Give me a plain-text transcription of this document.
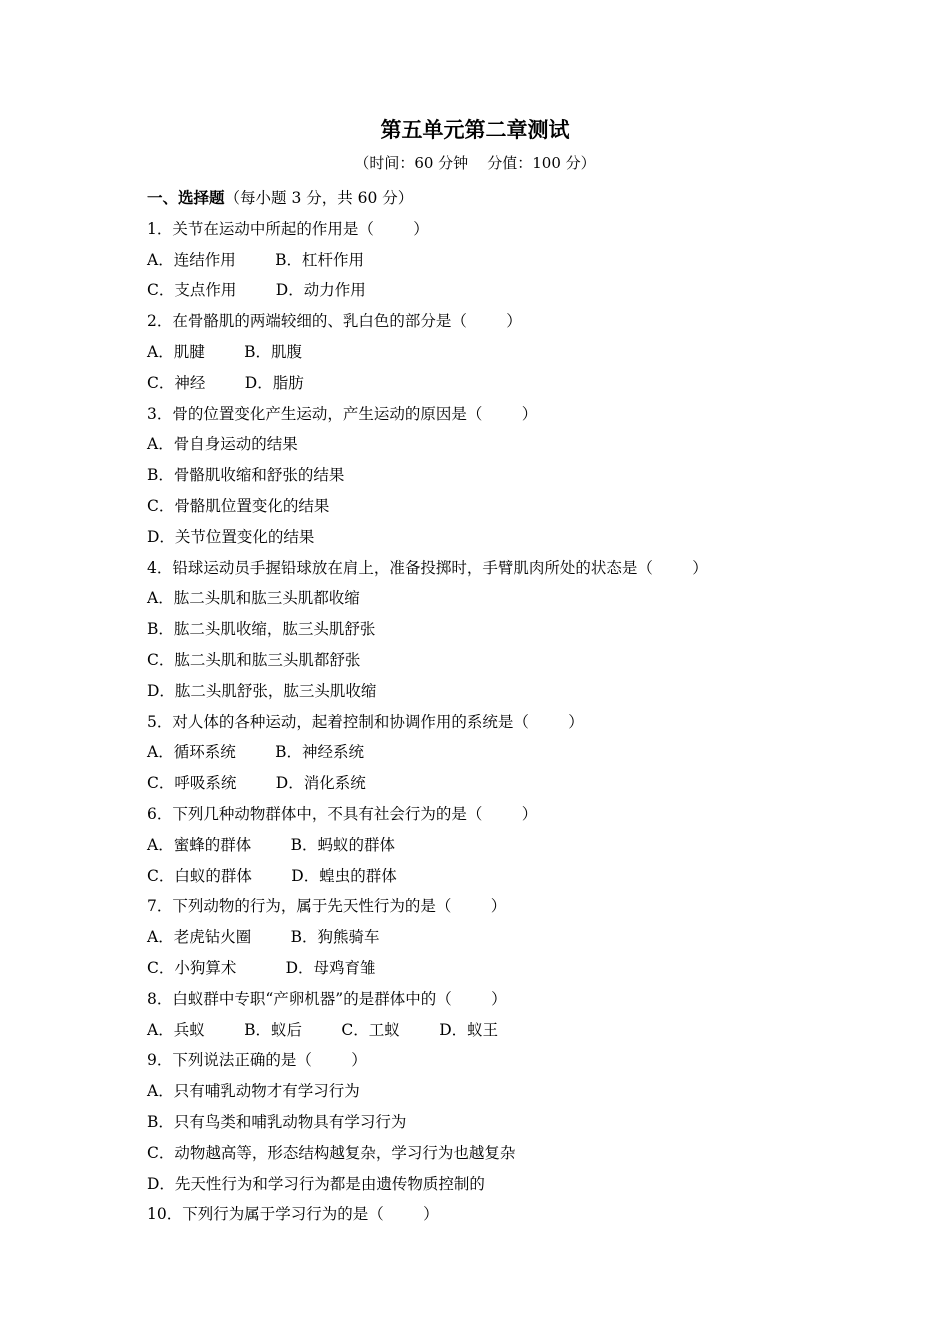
第五单元第二章测试
（时间：60 分钟    分值：100 分）
一、选择题（每小题 3 分，共 60 分）
1．关节在运动中所起的作用是（        ）
A．连结作用        B．杠杆作用
C．支点作用        D．动力作用
2．在骨骼肌的两端较细的、乳白色的部分是（        ）
A．肌腱        B．肌腹
C．神经        D．脂肪
3．骨的位置变化产生运动，产生运动的原因是（        ）
A．骨自身运动的结果
B．骨骼肌收缩和舒张的结果
C．骨骼肌位置变化的结果
D．关节位置变化的结果
4．铅球运动员手握铅球放在肩上，准备投掷时，手臂肌肉所处的状态是（        ）
A．肱二头肌和肱三头肌都收缩
B．肱二头肌收缩，肱三头肌舒张
C．肱二头肌和肱三头肌都舒张
D．肱二头肌舒张，肱三头肌收缩
5．对人体的各种运动，起着控制和协调作用的系统是（        ）
A．循环系统        B．神经系统
C．呼吸系统        D．消化系统
6．下列几种动物群体中，不具有社会行为的是（        ）
A．蜜蜂的群体        B．蚂蚁的群体
C．白蚁的群体        D．蝗虫的群体
7．下列动物的行为，属于先天性行为的是（        ）
A．老虎钻火圈        B．狗熊骑车
C．小狗算术          D．母鸡育雏
8．白蚁群中专职“产卵机器”的是群体中的（        ）
A．兵蚁        B．蚁后        C．工蚁        D．蚁王
9．下列说法正确的是（        ）
A．只有哺乳动物才有学习行为
B．只有鸟类和哺乳动物具有学习行为
C．动物越高等，形态结构越复杂，学习行为也越复杂
D．先天性行为和学习行为都是由遗传物质控制的
10．下列行为属于学习行为的是（        ）
